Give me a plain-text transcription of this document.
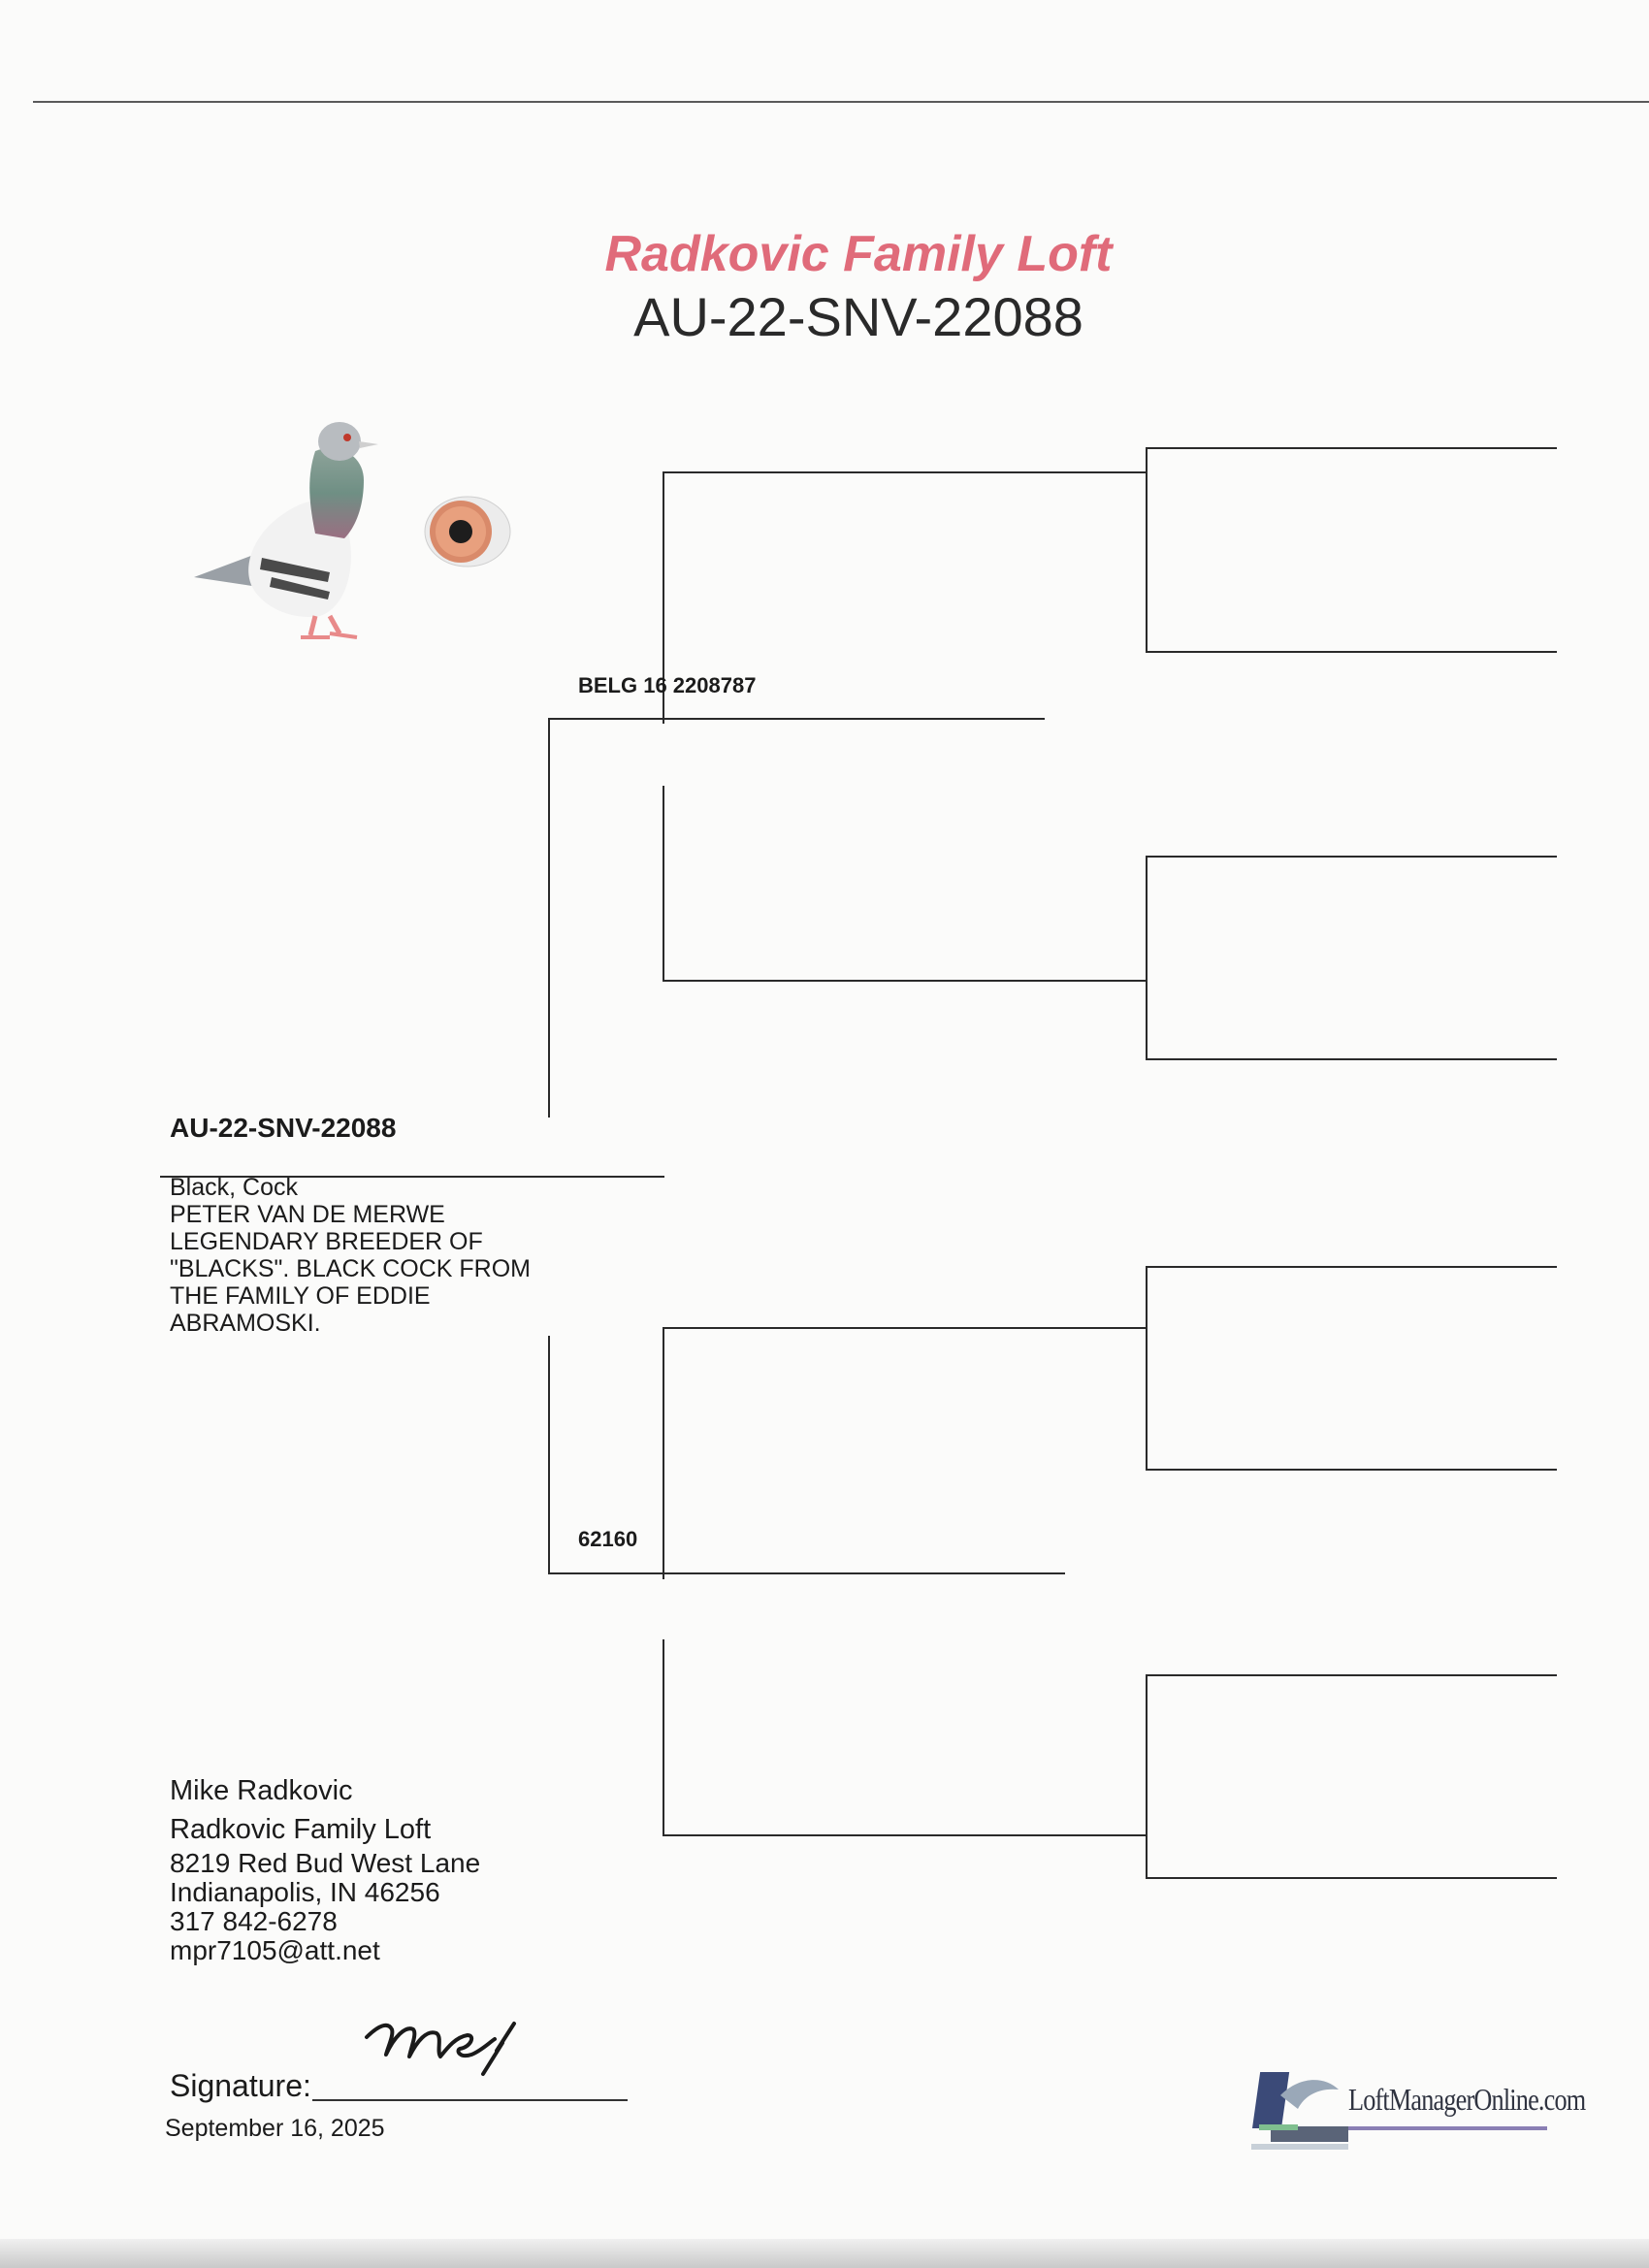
Radkovic Family Loft
AU-22-SNV-22088
BELG 16 2208787
62160
AU-22-SNV-22088
Black, Cock
PETER VAN DE MERWE
LEGENDARY BREEDER OF
"BLACKS". BLACK COCK FROM
THE FAMILY OF EDDIE
ABRAMOSKI.
Mike Radkovic
Radkovic Family Loft
8219 Red Bud West Lane
Indianapolis, IN 46256
317 842-6278
mpr7105@att.net
Signature:
September 16, 2025
LoftManagerOnline.com
